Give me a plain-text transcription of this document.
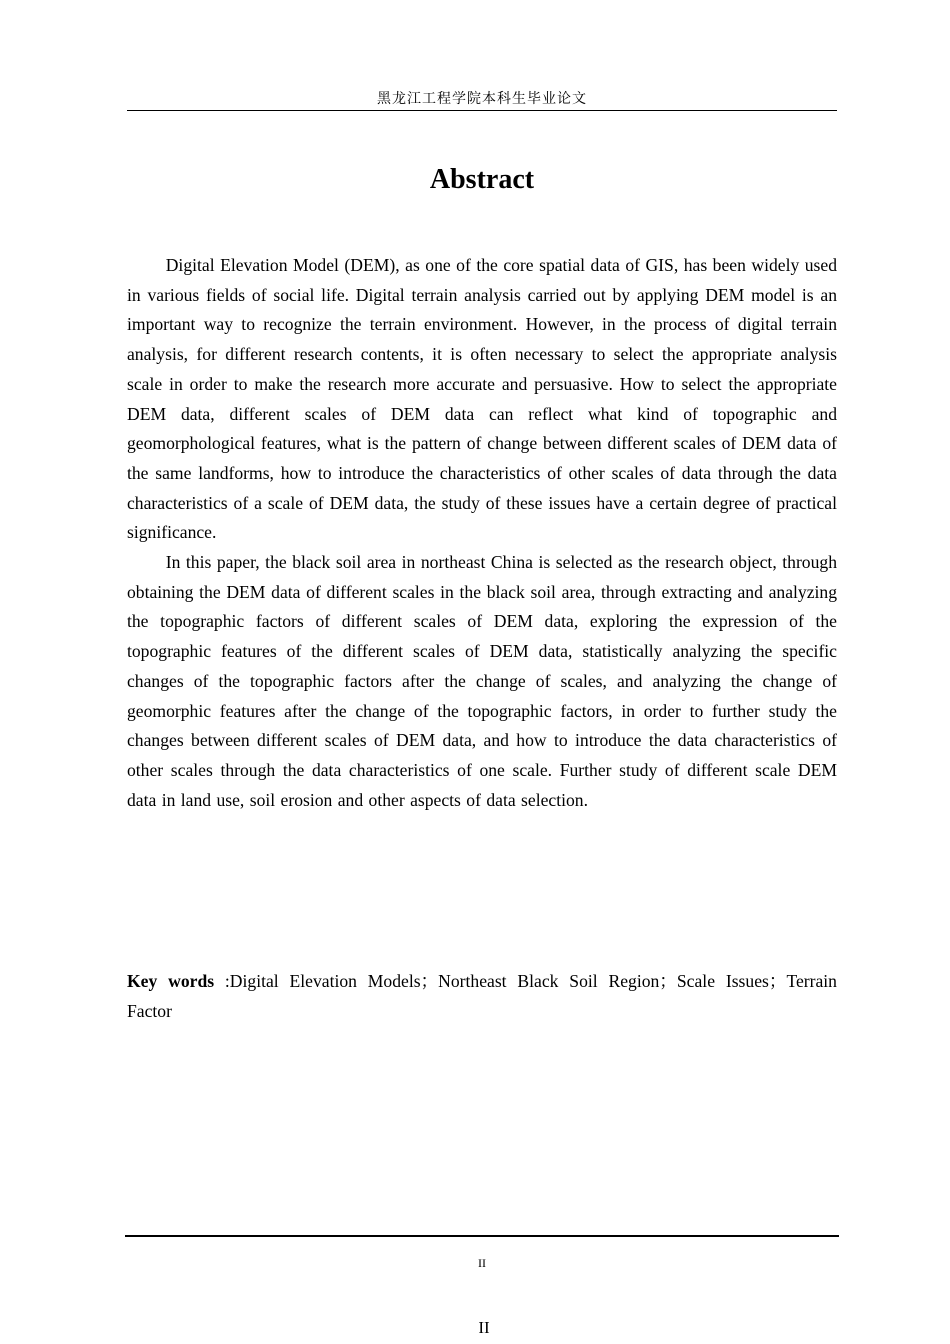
黑龙江工程学院本科生毕业论文
Abstract

Digital Elevation Model (DEM), as one of the core spatial data of GIS, has been widely used in various fields of social life. Digital terrain analysis carried out by applying DEM model is an important way to recognize the terrain environment. However, in the process of digital terrain analysis, for different research contents, it is often necessary to select the appropriate analysis scale in order to make the research more accurate and persuasive. How to select the appropriate DEM data, different scales of DEM data can reflect what kind of topographic and geomorphological features, what is the pattern of change between different scales of DEM data of the same landforms, how to introduce the characteristics of other scales of data through the data characteristics of a scale of DEM data, the study of these issues have a certain degree of practical significance.

In this paper, the black soil area in northeast China is selected as the research object, through obtaining the DEM data of different scales in the black soil area, through extracting and analyzing the topographic factors of different scales of DEM data, exploring the expression of the topographic features of the different scales of DEM data, statistically analyzing the specific changes of the topographic factors after the change of scales, and analyzing the change of geomorphic features after the change of the topographic factors, in order to further study the changes between different scales of DEM data, and how to introduce the data characteristics of other scales through the data characteristics of one scale. Further study of different scale DEM data in land use, soil erosion and other aspects of data selection.

Key words :Digital Elevation Models；Northeast Black Soil Region；Scale Issues；Terrain Factor
II
II
